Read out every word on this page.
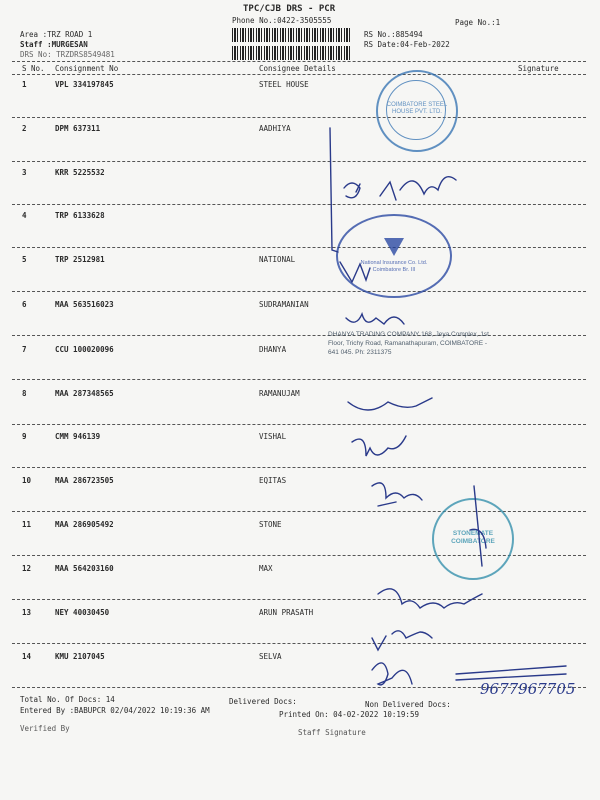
TPC/CJB DRS - PCR
Phone No.:0422-3505555	Page No.:1
Area :TRZ ROAD 1
Staff :MURGESAN
DRS No: TRZDRS8549481
RS No.:885494
RS Date:04-Feb-2022
S No. Consignment No	Consignee Details	Signature
1	VPL 334197845	STEEL HOUSE
2	DPM 637311	AADHIYA
3	KRR 5225532
4	TRP 6133628
5	TRP 2512981	NATIONAL
6	MAA 563516023	SUDRAMANIAN
7	CCU 100020096	DHANYA
8	MAA 287348565	RAMANUJAM
9	CMM 946139	VISHAL
10	MAA 286723505	EQITAS
11	MAA 286905492	STONE
12	MAA 564203160	MAX
13	NEY 40030450	ARUN PRASATH
14	KMU 2107045	SELVA
Total No. Of Docs: 14	Delivered Docs:	Non Delivered Docs:
Entered By :BABUPCR 02/04/2022 10:19:36 AM	Printed On: 04-02-2022 10:19:59
Verified By	Staff Signature
COIMBATORE STEEL HOUSE PVT. LTD.
National Insurance Co. Ltd. Coimbatore Br. III
DHANYA TRADING COMPANY 168, Jeya Complex, 1st Floor, Trichy Road, Ramanathapuram, COIMBATORE - 641 045. Ph: 2311375
STONEMATE COIMBATORE
9677967705
